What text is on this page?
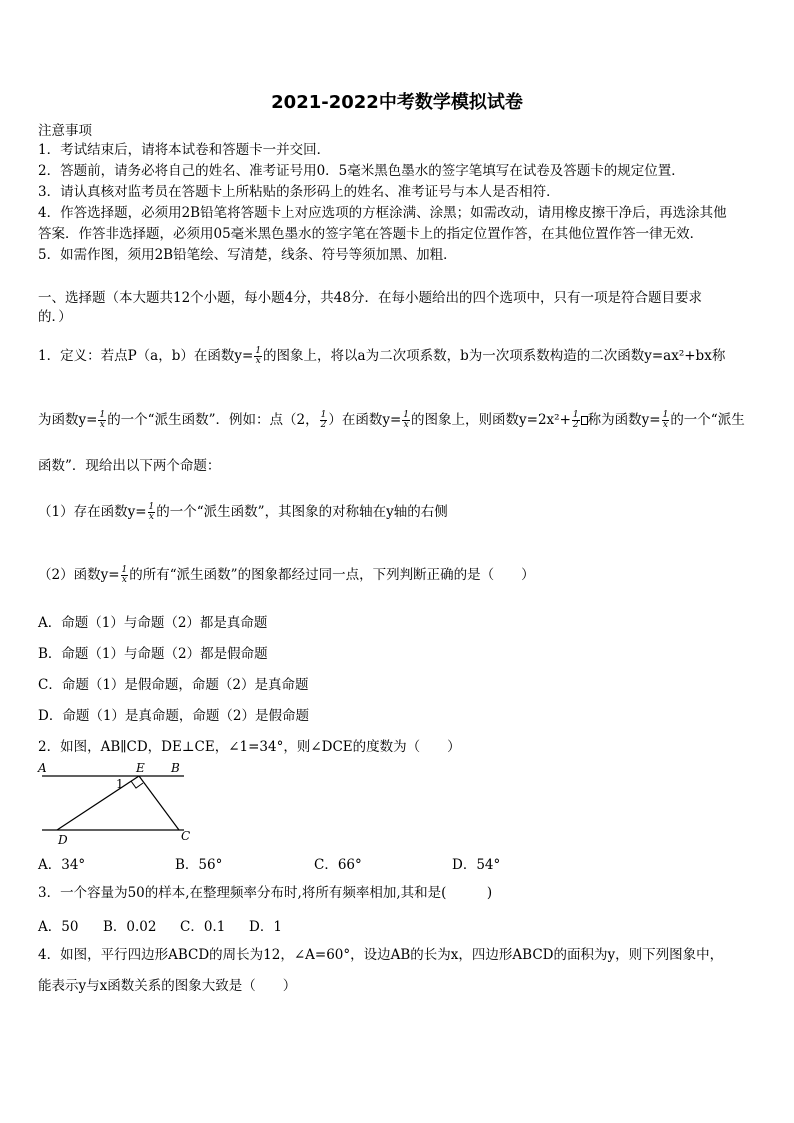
2021-2022中考数学模拟试卷
注意事项
1．考试结束后，请将本试卷和答题卡一并交回．
2．答题前，请务必将自己的姓名、准考证号用0．5毫米黑色墨水的签字笔填写在试卷及答题卡的规定位置．
3．请认真核对监考员在答题卡上所粘贴的条形码上的姓名、准考证号与本人是否相符．
4．作答选择题，必须用2B铅笔将答题卡上对应选项的方框涂满、涂黑；如需改动，请用橡皮擦干净后，再选涂其他
答案．作答非选择题，必须用05毫米黑色墨水的签字笔在答题卡上的指定位置作答，在其他位置作答一律无效．
5．如需作图，须用2B铅笔绘、写清楚，线条、符号等须加黑、加粗．
一、选择题（本大题共12个小题，每小题4分，共48分．在每小题给出的四个选项中，只有一项是符合题目要求
的．）
1．定义：若点P（a，b）在函数$y= \frac{1}{x}$ 的图象上，将以a为二次项系数，b为一次项系数构造的二次函数y=ax²+bx称
为函数$y= \frac{1}{x}$ 的一个“派生函数”．例如：点（2， $\frac{1}{2}$ ）在函数$y= \frac{1}{x}$ 的图象上，则函数$y=2x^2+ \frac{1}{2}$ 称为函数$y= \frac{1}{x}$ 的一个“派生
函数”．现给出以下两个命题：
（1）存在函数$y= \frac{1}{x}$ 的一个“派生函数”，其图象的对称轴在y轴的右侧
（2）函数$y= \frac{1}{x}$ 的所有“派生函数”的图象都经过同一点，下列判断正确的是（　　）
A．命题（1）与命题（2）都是真命题
B．命题（1）与命题（2）都是假命题
C．命题（1）是假命题，命题（2）是真命题
D．命题（1）是真命题，命题（2）是假命题
2．如图，AB∥CD，DE⊥CE，∠1=34°，则∠DCE的度数为（　　）
A	E B
1
D	C
A．34°	B．56°	C．66°	D．54°
3．一个容量为50的样本,在整理频率分布时,将所有频率相加,其和是(　　　)
A．50 B．0.02 C．0.1 D．1
4．如图，平行四边形ABCD的周长为12，∠A=60°，设边AB的长为x，四边形ABCD的面积为y，则下列图象中，
能表示y与x函数关系的图象大致是（　　）
